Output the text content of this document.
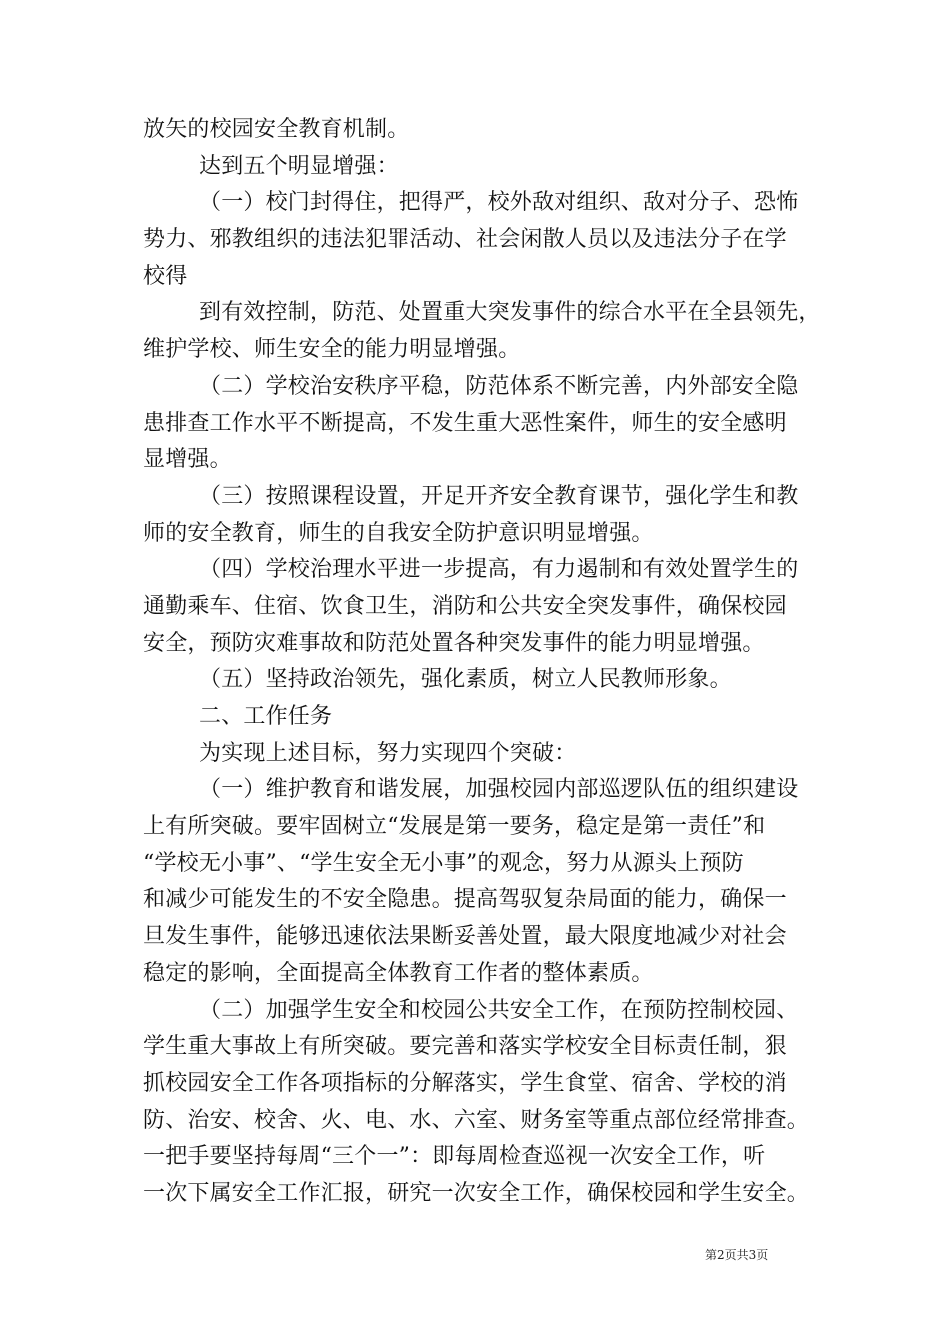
放矢的校园安全教育机制。
达到五个明显增强：
（一）校门封得住，把得严，校外敌对组织、敌对分子、恐怖
势力、邪教组织的违法犯罪活动、社会闲散人员以及违法分子在学
校得
到有效控制，防范、处置重大突发事件的综合水平在全县领先，
维护学校、师生安全的能力明显增强。
（二）学校治安秩序平稳，防范体系不断完善，内外部安全隐
患排查工作水平不断提高，不发生重大恶性案件，师生的安全感明
显增强。
（三）按照课程设置，开足开齐安全教育课节，强化学生和教
师的安全教育，师生的自我安全防护意识明显增强。
（四）学校治理水平进一步提高，有力遏制和有效处置学生的
通勤乘车、住宿、饮食卫生，消防和公共安全突发事件，确保校园
安全，预防灾难事故和防范处置各种突发事件的能力明显增强。
（五）坚持政治领先，强化素质，树立人民教师形象。
二、工作任务
为实现上述目标，努力实现四个突破：
（一）维护教育和谐发展，加强校园内部巡逻队伍的组织建设
上有所突破。要牢固树立“发展是第一要务，稳定是第一责任”和
“学校无小事”、“学生安全无小事”的观念，努力从源头上预防
和减少可能发生的不安全隐患。提高驾驭复杂局面的能力，确保一
旦发生事件，能够迅速依法果断妥善处置，最大限度地减少对社会
稳定的影响，全面提高全体教育工作者的整体素质。
（二）加强学生安全和校园公共安全工作，在预防控制校园、
学生重大事故上有所突破。要完善和落实学校安全目标责任制，狠
抓校园安全工作各项指标的分解落实，学生食堂、宿舍、学校的消
防、治安、校舍、火、电、水、六室、财务室等重点部位经常排查。
一把手要坚持每周“三个一”：即每周检查巡视一次安全工作，听
一次下属安全工作汇报，研究一次安全工作，确保校园和学生安全。
第2页共3页
